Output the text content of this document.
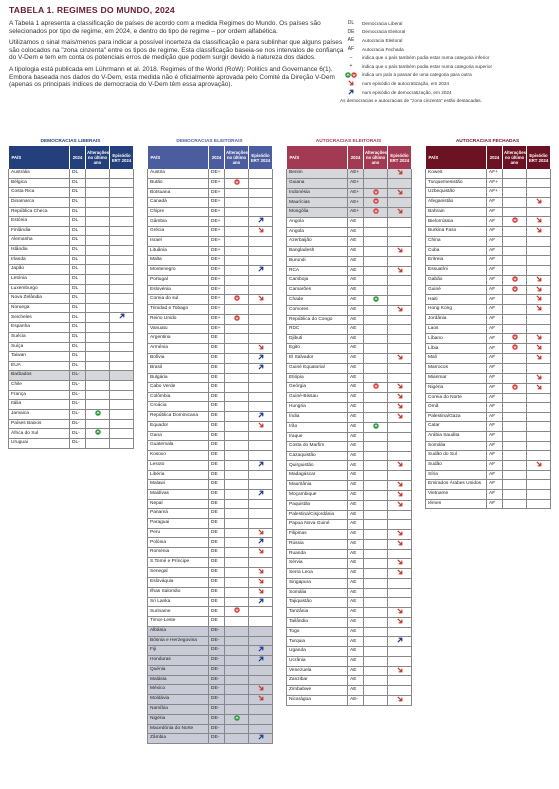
TABELA 1. REGIMES DO MUNDO, 2024

A Tabela 1 apresenta a classificação de países de acordo com a medida Regimes do Mundo. Os países são selecionados por tipo de regime, em 2024, e dentro do tipo de regime – por ordem alfabética.

Utilizamos o sinal mais/menos para indicar a possível incerteza da classificação e para sublinhar que alguns países são colocados na "zona cinzenta" entre os tipos de regime. Esta classificação baseia-se nos intervalos de confiança do V-Dem e tem em conta os potenciais erros de medição que podem surgir devido à natureza dos dados.

A tipologia está publicada em Lührmann et al. 2018. Regimes of the World (RoW): Politics and Governance 6(1). Embora baseada nos dados do V-Dem, esta medida não é oficialmente aprovada pelo Comité da Direção V-Dem (apenas os principais índices de democracia do V-Dem têm essa aprovação).

DL	Democracia Liberal
DE	Democracia Eleitoral
AE	Autocracia Eleitoral
AF	Autocracia Fechada
–	indica que o país também podia estar numa categoria inferior
+	indica que o país também podia estar numa categoria superior
indica um país a passar de uma categoria para outra
num episódio de autocratização, em 2024
num episódio de democratização, em 2024
As democracias e autocracias de "zona cinzenta" estão destacadas.
DEMOCRACIAS LIBERAIS
PAÍS	2024	Alterações no último ano	Episódio ERT 2024
Austrália	DL		
Bélgica	DL		
Costa Rica	DL		
Dinamarca	DL		
República Checa	DL		
Estónia	DL		
Finlândia	DL		
Alemanha	DL		
Islândia	DL		
Irlanda	DL		
Japão	DL		
Letónia	DL		
Luxemburgo	DL		
Nova Zelândia	DL		
Noruega	DL		
Seicheles	DL		

Espanha	DL		
Suécia	DL		
Suíça	DL		
Taiwan	DL		
EUA	DL		
Barbados	DL-		
Chile	DL-		
França	DL-		
Itália	DL-		
Jamaica	DL-	

Países Baixos	DL-		
África do Sul	DL-	

Uruguai	DL-		
DEMOCRACIAS ELEITORAIS
PAÍS	2024	Alterações no último ano	Episódio ERT 2024
Áustria	DE+		
Butão	DE+	

Botsuana	DE+		
Canadá	DE+		
Chipre	DE+		
Gâmbia	DE+		

Grécia	DE+		

Israel	DE+		
Lituânia	DE+		
Malta	DE+		
Montenegro	DE+		

Portugal	DE+		
Eslovénia	DE+		
Coreia do sul	DE+	

Trinidad e Tobago	DE+		
Reino Unido	DE+	

Vanuatu	DE+		
Argentina	DE		
Arménia	DE		

Bolívia	DE		

Brasil	DE		

Bulgária	DE		
Cabo Verde	DE		
Colômbia	DE		
Croácia	DE		
República Dominicana	DE		

Equador	DE		

Gana	DE		
Guatemala	DE		
Kosovo	DE		
Lesoto	DE		

Libéria	DE		
Malawi	DE		
Maldivas	DE		

Nepal	DE		
Panamá	DE		
Paraguai	DE		
Peru	DE		

Polónia	DE		

Roménia	DE		

S.Tomé e Príncipe	DE		
Senegal	DE		

Eslováquia	DE		

Ilhas Salomão	DE		

Sri Lanka	DE		

Suriname	DE	

Timor-Leste	DE		
Albânia	DE-		
Bósnia e Herzegovina	DE-		
Fiji	DE-		

Honduras	DE-		

Quénia	DE-		
Malásia	DE-		
México	DE-		

Moldávia	DE-		

Namíbia	DE-		
Nigéria	DE-	

Macedónia do Norte	DE-		
Zâmbia	DE-		
AUTOCRACIAS ELEITORAIS
PAÍS	2024	Alterações no último ano	Episódio ERT 2024
Benim	AE+		

Guiana	AE+		
Indonésia	AE+	

Maurícias	AE+	

Mongólia	AE+	

Angola	AE		
Angola	AE		
Azerbaijão	AE		
Bangladesh	AE		

Burundi	AE		
RCA	AE		

Camboja	AE		
Camarões	AE		
Chade	AE	

Comores	AE		

República do Congo	AE		
RDC	AE		
Djibuti	AE		
Egito	AE		
El Salvador	AE		

Guiné Equatorial	AE		
Etiópia	AE		
Geórgia	AE	

Guiné-Bissau	AE		

Hungria	AE		

Índia	AE		

Irão	AE	

Iraque	AE		
Costa do Marfim	AE		
Cazaquistão	AE		
Quirguistão	AE		

Madagáscar	AE		
Mauritânia	AE		

Moçambique	AE		

Paquistão	AE		

Palestina/Cisjordânia	AE		
Papua Nova Guiné	AE		
Filipinas	AE		

Rússia	AE		

Ruanda	AE		
Sérvia	AE		

Serra Leoa	AE		

Singapura	AE		
Somália	AE		
Tajiquistão	AE		
Tanzânia	AE		

Tailândia	AE		

Togo	AE		
Turquia	AE		

Uganda	AE		
Ucrânia	AE		
Venezuela	AE		

Zanzibar	AE		
Zimbabwe	AE		
Nicarágua	AE-		
AUTOCRACIAS FECHADAS
PAÍS	2024	Alterações no último ano	Episódio ERT 2024
Koweit	AF+		
Turquemenistão	AF+		
Uzbequistão	AF+		
Afeganistão	AF		

Bahrain	AF		
Bielorrússia	AF	

Burkina Faso	AF		

China	AF		
Cuba	AF		
Eritreia	AF		
Essuatíni	AF		
Gabão	AF	

Guiné	AF	

Haiti	AF		

Hong Kong	AF		

Jordânia	AF		
Laos	AF		
Líbano	AF	

Líbia	AF	

Mali	AF		

Marrocos	AF		
Mianmar	AF		

Nigéria	AF	

Coreia do Norte	AF		
Omã	AF		
Palestina/Gaza	AF		
Catar	AF		
Arábia Saudita	AF		
Somália	AF		
Sudão do Sul	AF		
Sudão	AF		

Síria	AF		
Emirados Árabes Unidos	AF		
Vietname	AF		
Iémen	AF		
